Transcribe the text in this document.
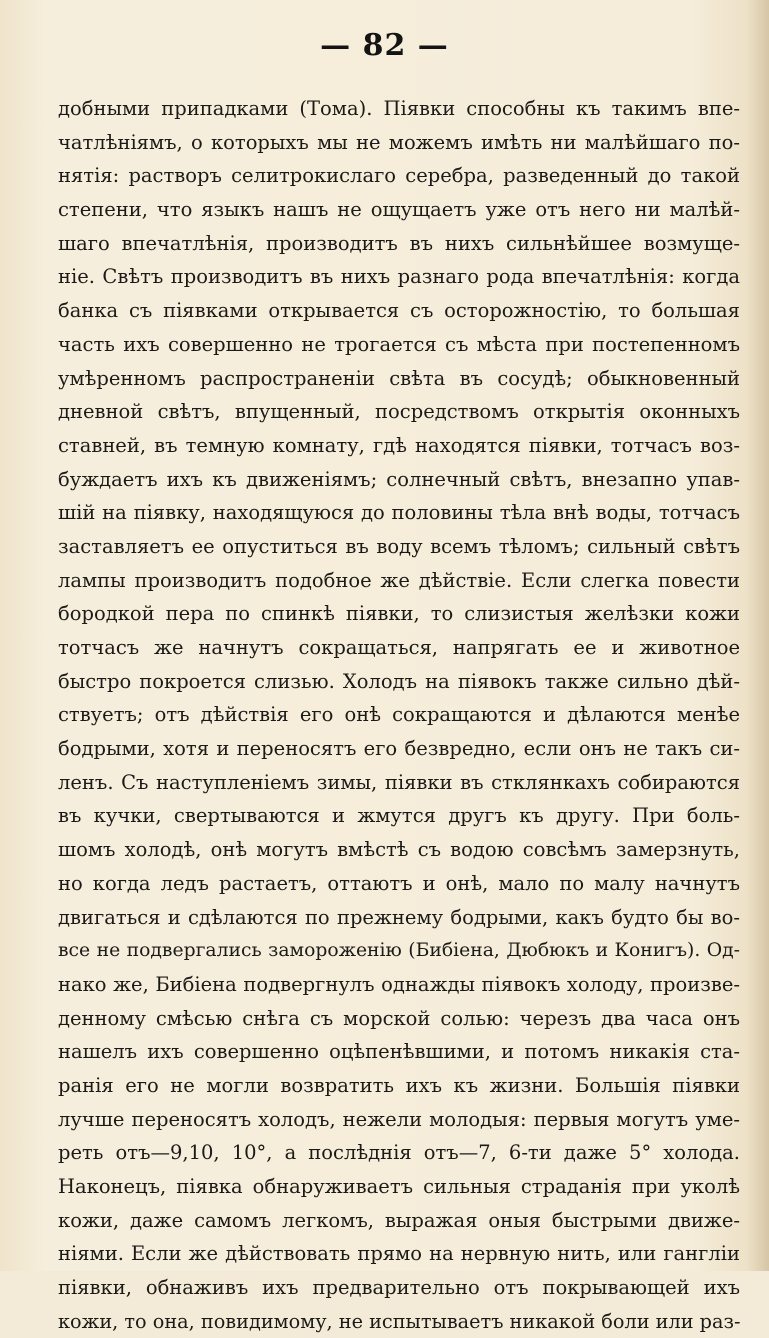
— 82 —
добными припадками (Тома). Піявки способны къ такимъ впе-
чатлѣніямъ, о которыхъ мы не можемъ имѣть ни малѣйшаго по-
нятія: растворъ селитрокислаго серебра, разведенный до такой
степени, что языкъ нашъ не ощущаетъ уже отъ него ни малѣй-
шаго впечатлѣнія, производитъ въ нихъ сильнѣйшее возмуще-
ніе. Свѣтъ производитъ въ нихъ разнаго рода впечатлѣнія: когда
банка съ піявками открывается съ осторожностію, то большая
часть ихъ совершенно не трогается съ мѣста при постепенномъ
умѣренномъ распространеніи свѣта въ сосудѣ; обыкновенный
дневной свѣтъ, впущенный, посредствомъ открытія оконныхъ
ставней, въ темную комнату, гдѣ находятся піявки, тотчасъ воз-
буждаетъ ихъ къ движеніямъ; солнечный свѣтъ, внезапно упав-
шій на піявку, находящуюся до половины тѣла внѣ воды, тотчасъ
заставляетъ ее опуститься въ воду всемъ тѣломъ; сильный свѣтъ
лампы производитъ подобное же дѣйствіе. Если слегка повести
бородкой пера по спинкѣ піявки, то слизистыя желѣзки кожи
тотчасъ же начнутъ сокращаться, напрягать ее и животное
быстро покроется слизью. Холодъ на піявокъ также сильно дѣй-
ствуетъ; отъ дѣйствія его онѣ сокращаются и дѣлаются менѣе
бодрыми, хотя и переносятъ его безвредно, если онъ не такъ си-
ленъ. Съ наступленіемъ зимы, піявки въ стклянкахъ собираются
въ кучки, свертываются и жмутся другъ къ другу. При боль-
шомъ холодѣ, онѣ могутъ вмѣстѣ съ водою совсѣмъ замерзнуть,
но когда ледъ растаетъ, оттаютъ и онѣ, мало по малу начнутъ
двигаться и сдѣлаются по прежнему бодрыми, какъ будто бы во-
все не подвергались замороженію (Бибіена, Дюбюкъ и Конигъ). Од-
нако же, Бибіена подвергнулъ однажды піявокъ холоду, произве-
денному смѣсью снѣга съ морской солью: черезъ два часа онъ
нашелъ ихъ совершенно оцѣпенѣвшими, и потомъ никакія ста-
ранія его не могли возвратить ихъ къ жизни. Большія піявки
лучше переносятъ холодъ, нежели молодыя: первыя могутъ уме-
реть отъ—9,10, 10°, а послѣднія отъ—7, 6-ти даже 5° холода.
Наконецъ, піявка обнаруживаетъ сильныя страданія при уколѣ
кожи, даже самомъ легкомъ, выражая оныя быстрыми движе-
ніями. Если же дѣйствовать прямо на нервную нить, или гангліи
піявки, обнаживъ ихъ предварительно отъ покрывающей ихъ
кожи, то она, повидимому, не испытываетъ никакой боли или раз-
